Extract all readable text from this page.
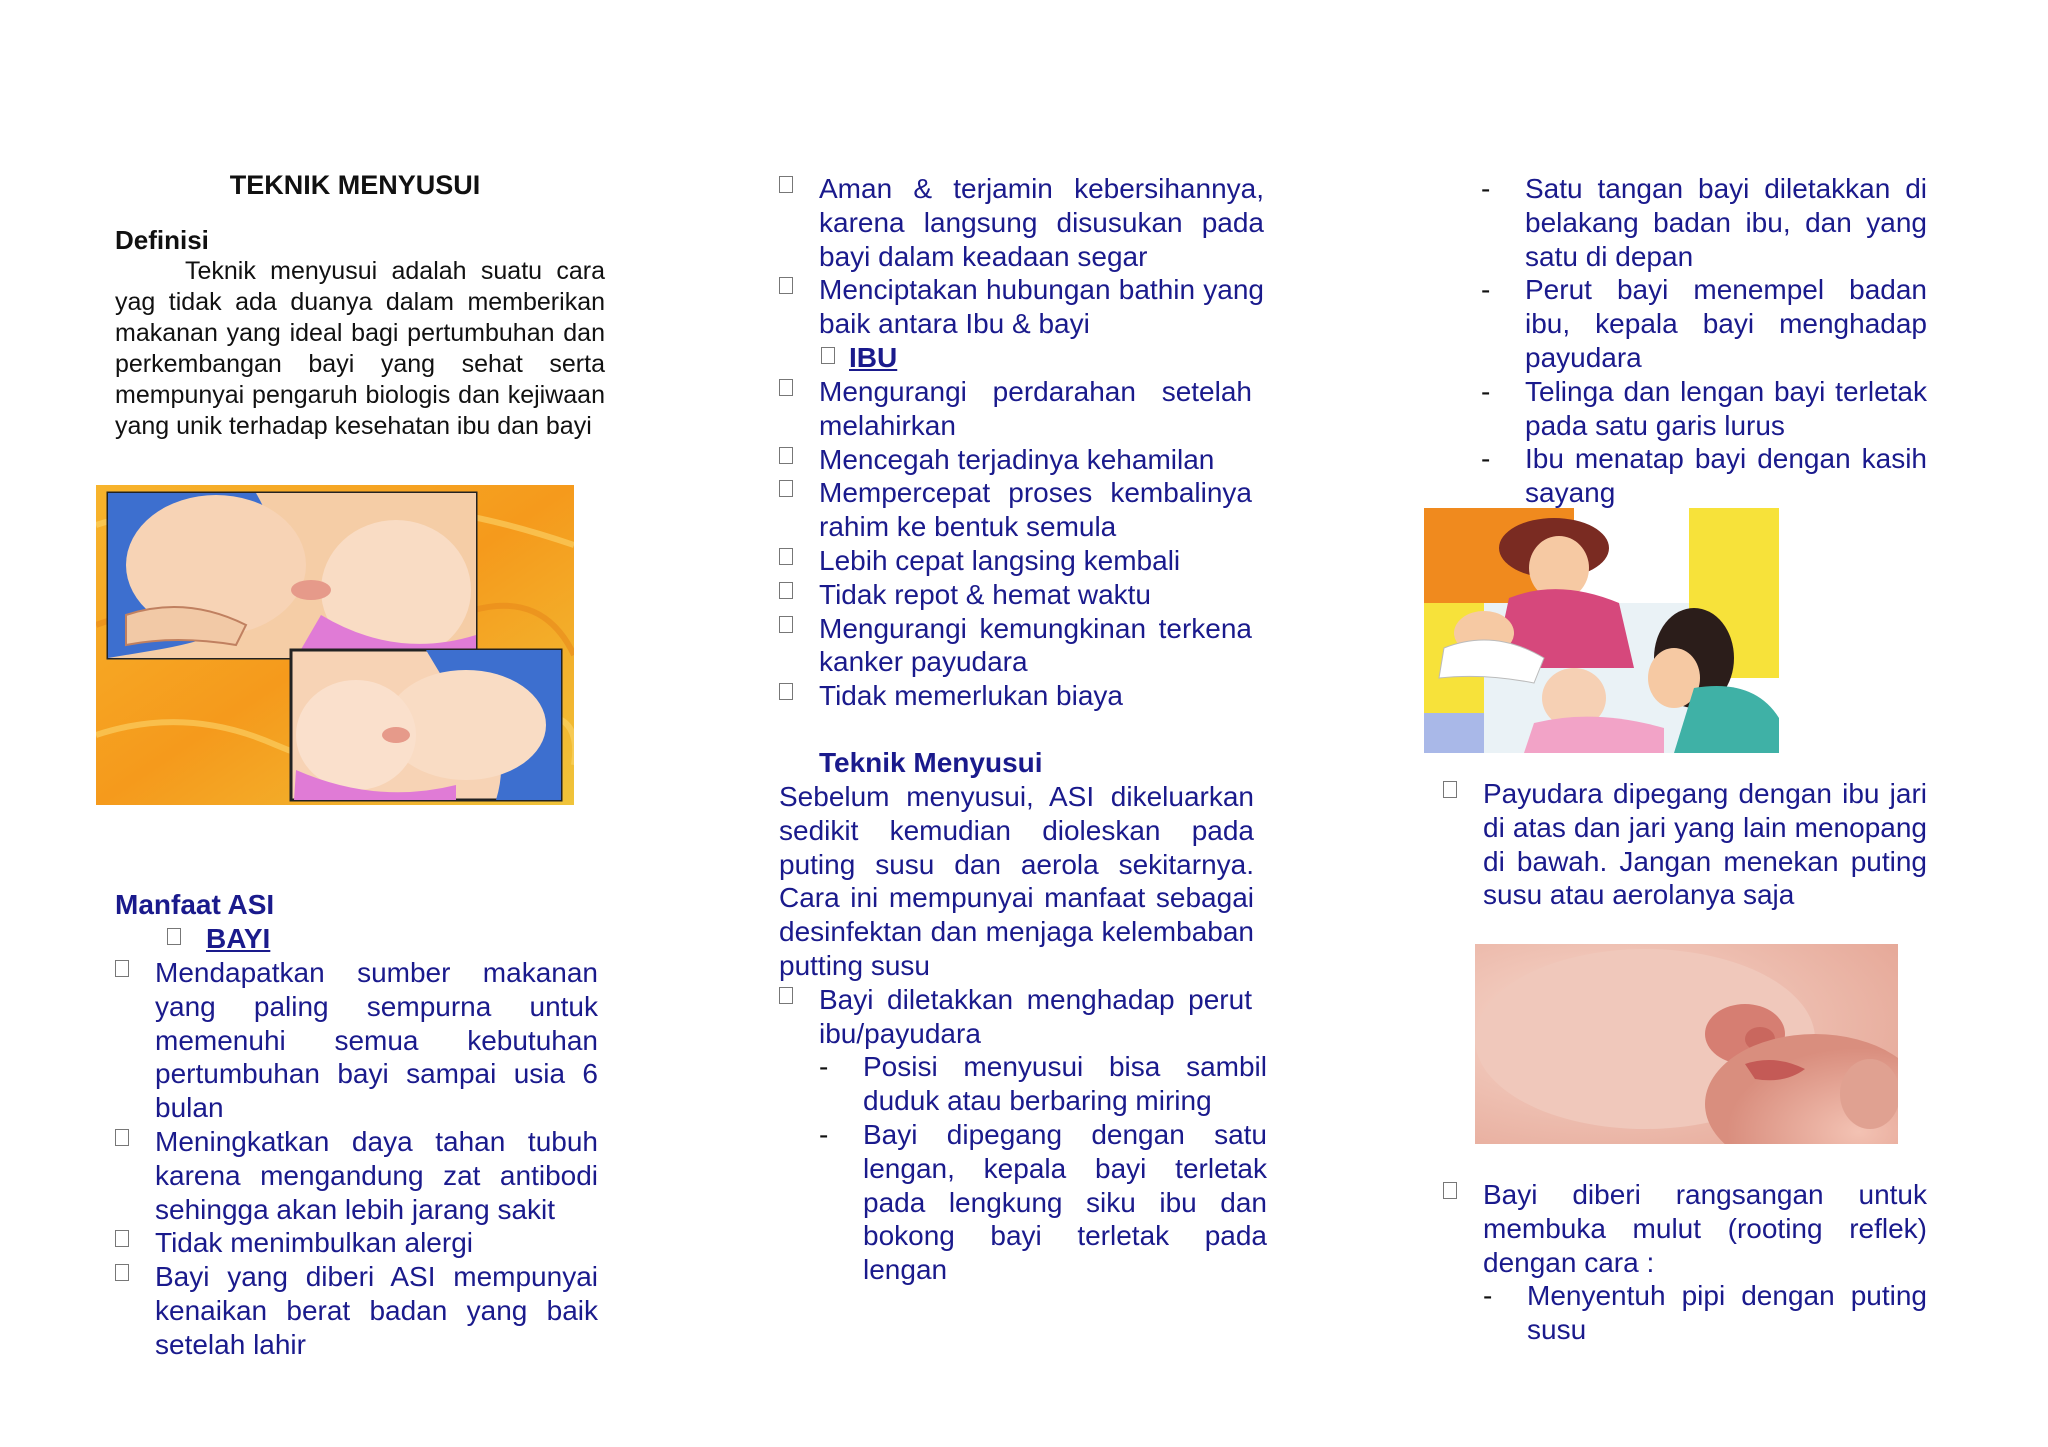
TEKNIK MENYUSUI
Definisi
Teknik menyusui adalah suatu cara yag tidak ada duanya dalam memberikan makanan yang ideal bagi pertumbuhan dan perkembangan bayi yang sehat serta mempunyai pengaruh biologis dan kejiwaan yang unik terhadap kesehatan ibu dan bayi
Manfaat ASI
BAYI
Mendapatkan sumber makanan yang paling sempurna untuk memenuhi semua kebutuhan pertumbuhan bayi sampai usia 6 bulan
Meningkatkan daya tahan tubuh karena mengandung zat antibodi sehingga akan lebih jarang sakit
Tidak menimbulkan alergi
Bayi yang diberi ASI mempunyai kenaikan berat badan yang baik setelah lahir
Aman & terjamin kebersihannya, karena langsung disusukan pada bayi dalam keadaan segar
Menciptakan hubungan bathin yang baik antara Ibu & bayi
IBU
Mengurangi perdarahan setelah melahirkan
Mencegah terjadinya kehamilan
Mempercepat proses kembalinya rahim ke bentuk semula
Lebih cepat langsing kembali
Tidak repot & hemat waktu
Mengurangi kemungkinan terkena kanker payudara
Tidak memerlukan biaya
Teknik Menyusui
Sebelum menyusui, ASI dikeluarkan sedikit kemudian dioleskan pada puting susu dan aerola sekitarnya. Cara ini mempunyai manfaat sebagai desinfektan dan menjaga kelembaban putting susu
Bayi diletakkan menghadap perut ibu/payudara
- Posisi menyusui bisa sambil duduk atau berbaring miring
- Bayi dipegang dengan satu lengan, kepala bayi terletak pada lengkung siku ibu dan bokong bayi terletak pada lengan
- Satu tangan bayi diletakkan di belakang badan ibu, dan yang satu di depan
- Perut bayi menempel badan ibu, kepala bayi menghadap payudara
- Telinga dan lengan bayi terletak pada satu garis lurus
- Ibu menatap bayi dengan kasih sayang
Payudara dipegang dengan ibu jari di atas dan jari yang lain menopang di bawah. Jangan menekan puting susu atau aerolanya saja
Bayi diberi rangsangan untuk membuka mulut (rooting reflek) dengan cara :
- Menyentuh pipi dengan puting susu
